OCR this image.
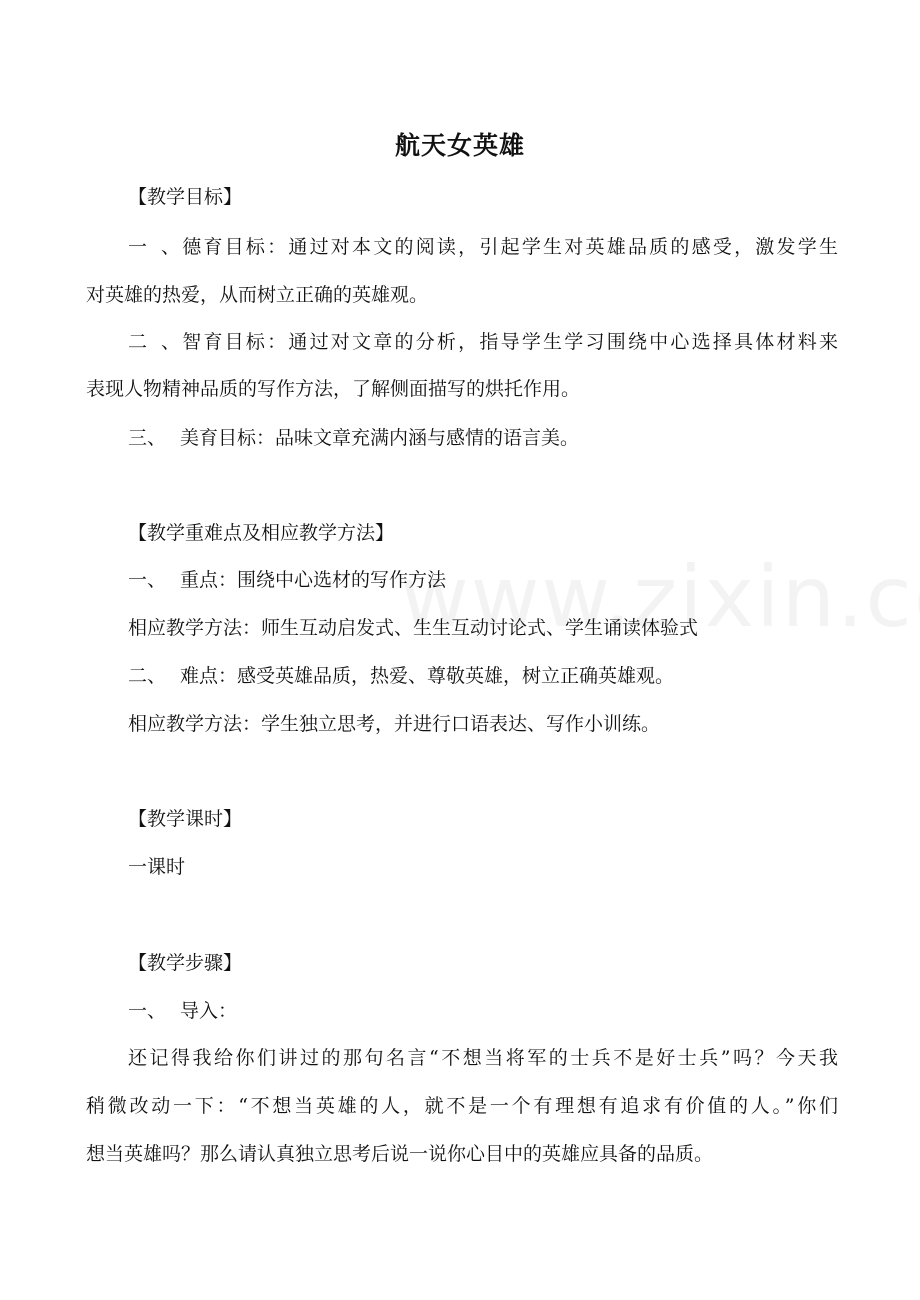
航天女英雄
【教学目标】
一、德育目标：通过对本文的阅读，引起学生对英雄品质的感受，激发学生
对英雄的热爱，从而树立正确的英雄观。
二、智育目标：通过对文章的分析，指导学生学习围绕中心选择具体材料来
表现人物精神品质的写作方法，了解侧面描写的烘托作用。
三、 美育目标：品味文章充满内涵与感情的语言美。
【教学重难点及相应教学方法】
一、 重点：围绕中心选材的写作方法
相应教学方法：师生互动启发式、生生互动讨论式、学生诵读体验式
二、 难点：感受英雄品质，热爱、尊敬英雄，树立正确英雄观。
相应教学方法：学生独立思考，并进行口语表达、写作小训练。
【教学课时】
一课时
【教学步骤】
一、 导入：
还记得我给你们讲过的那句名言“不想当将军的士兵不是好士兵”吗？今天我
稍微改动一下：“不想当英雄的人，就不是一个有理想有追求有价值的人。”你们
想当英雄吗？那么请认真独立思考后说一说你心目中的英雄应具备的品质。
